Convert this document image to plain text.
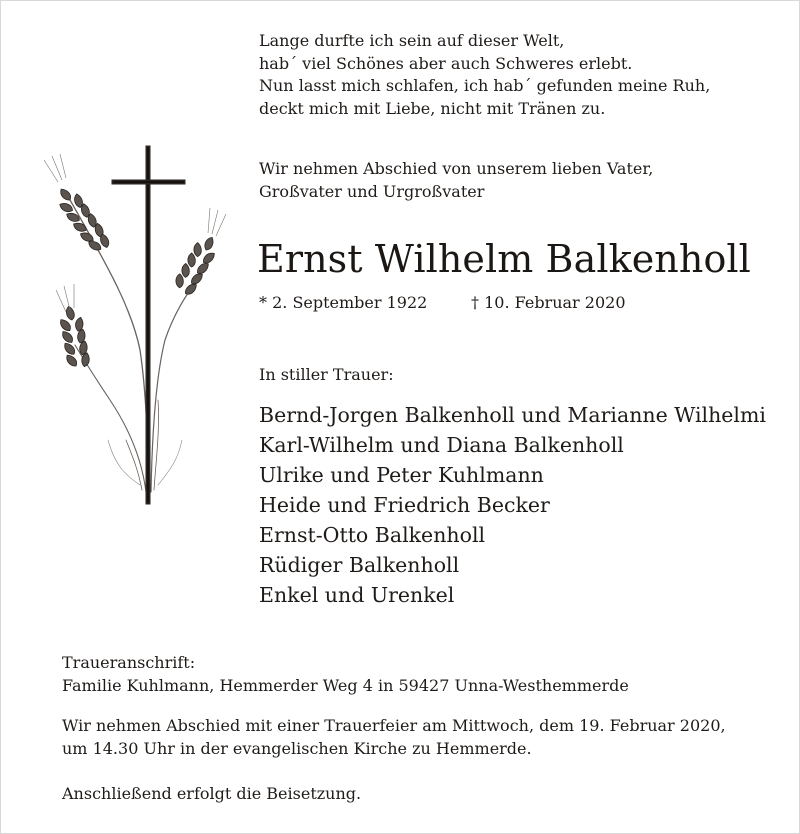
Lange durfte ich sein auf dieser Welt,
hab´ viel Schönes aber auch Schweres erlebt.
Nun lasst mich schlafen, ich hab´ gefunden meine Ruh,
deckt mich mit Liebe, nicht mit Tränen zu.
Wir nehmen Abschied von unserem lieben Vater,
Großvater und Urgroßvater
Ernst Wilhelm Balkenholl
* 2. September 1922	† 10. Februar 2020
In stiller Trauer:
Bernd-Jorgen Balkenholl und Marianne Wilhelmi
Karl-Wilhelm und Diana Balkenholl
Ulrike und Peter Kuhlmann
Heide und Friedrich Becker
Ernst-Otto Balkenholl
Rüdiger Balkenholl
Enkel und Urenkel
Traueranschrift:
Familie Kuhlmann, Hemmerder Weg 4 in 59427 Unna-Westhemmerde
Wir nehmen Abschied mit einer Trauerfeier am Mittwoch, dem 19. Februar 2020,
um 14.30 Uhr in der evangelischen Kirche zu Hemmerde.
Anschließend erfolgt die Beisetzung.
